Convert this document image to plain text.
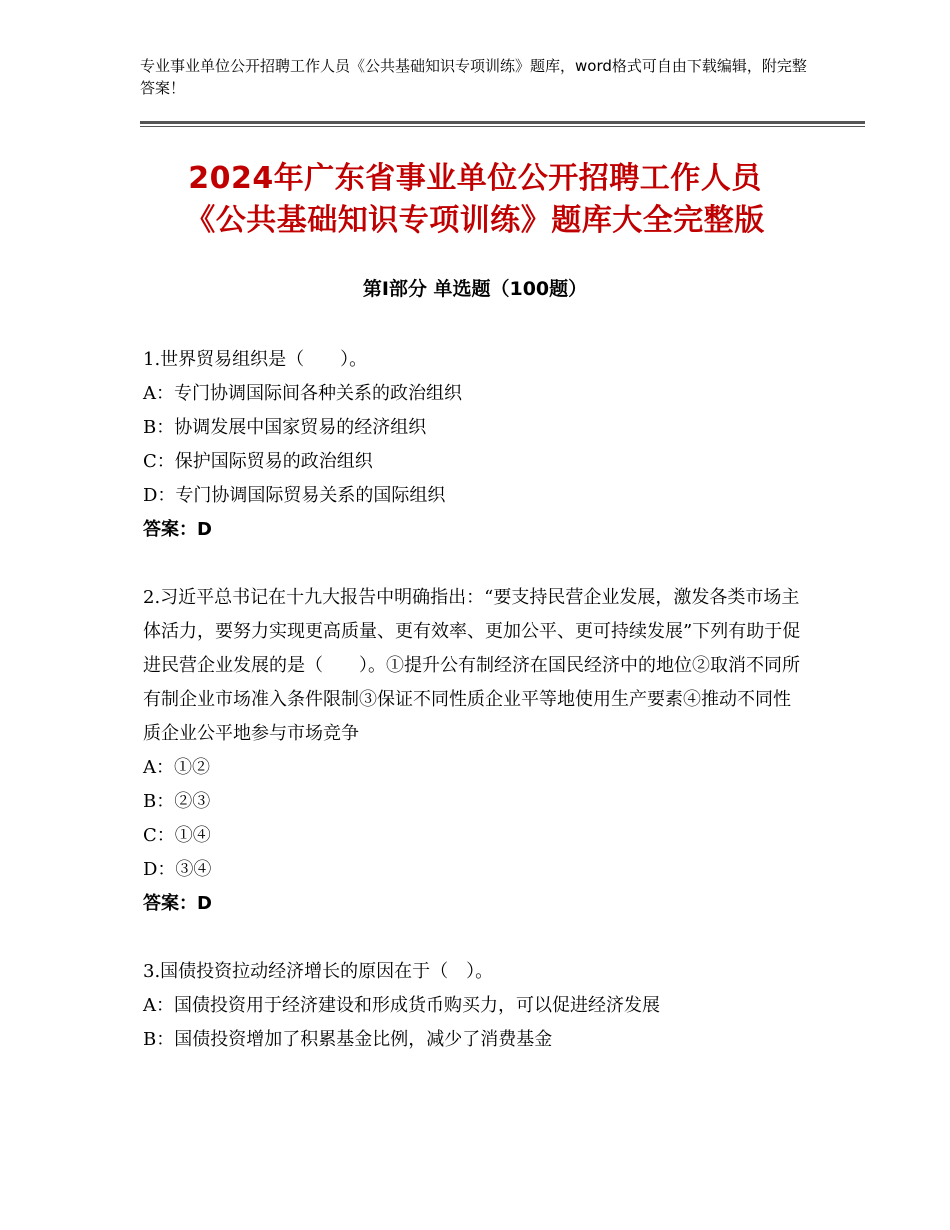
专业事业单位公开招聘工作人员《公共基础知识专项训练》题库，word格式可自由下载编辑，附完整答案！
2024年广东省事业单位公开招聘工作人员
《公共基础知识专项训练》题库大全完整版
第Ⅰ部分 单选题（100题）

1.世界贸易组织是（　　）。

A：专门协调国际间各种关系的政治组织

B：协调发展中国家贸易的经济组织

C：保护国际贸易的政治组织

D：专门协调国际贸易关系的国际组织

答案：D

2.习近平总书记在十九大报告中明确指出：“要支持民营企业发展，激发各类市场主体活力，要努力实现更高质量、更有效率、更加公平、更可持续发展”下列有助于促进民营企业发展的是（　　）。①提升公有制经济在国民经济中的地位②取消不同所有制企业市场准入条件限制③保证不同性质企业平等地使用生产要素④推动不同性质企业公平地参与市场竞争

A：①②

B：②③

C：①④

D：③④

答案：D

3.国债投资拉动经济增长的原因在于（　）。

A：国债投资用于经济建设和形成货币购买力，可以促进经济发展

B：国债投资增加了积累基金比例，减少了消费基金
